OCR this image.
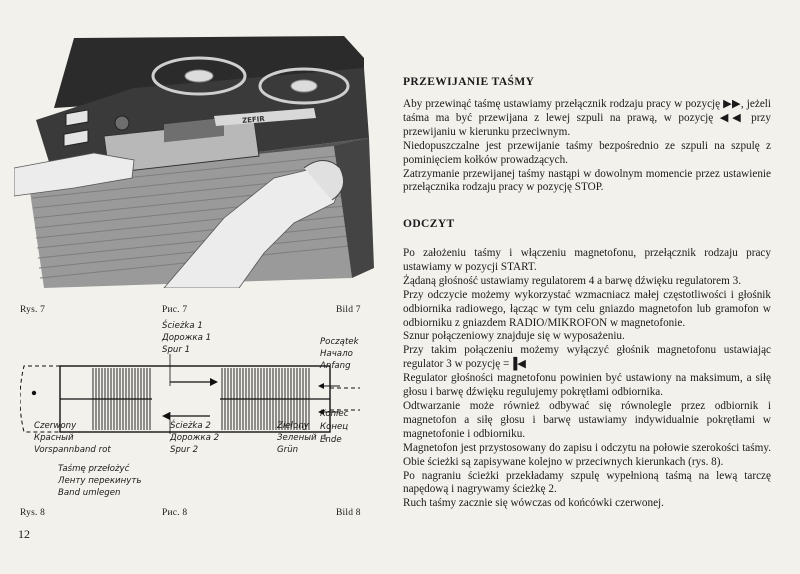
ZEFIR
Rys. 7	Рис. 7	Bild 7
Ścieżka 1
Дорожка 1
Spur 1
Początek
Начало
Anfang
Koniec
Конец
Ende
Ścieżka 2
Дорожка 2
Spur 2
Zielony
Зеленый
Grün
Czerwony
Красный
Vorspannband rot
Taśmę przełożyć
Ленту перекинуть
Band umlegen
Rys. 8	Рис. 8	Bild 8
12
PRZEWIJANIE TAŚMY

Aby przewinąć taśmę ustawiamy przełącznik rodzaju pracy w pozycję ▶▶, jeżeli taśma ma być przewijana z lewej szpuli na prawą, w pozycję ◀◀ przy przewijaniu w kierunku przeciwnym.

Niedopuszczalne jest przewijanie taśmy bezpośrednio ze szpuli na szpulę z pominięciem kołków prowadzących.

Zatrzymanie przewijanej taśmy nastąpi w dowolnym momencie przez ustawienie przełącznika rodzaju pracy w pozycję STOP.

ODCZYT

Po założeniu taśmy i włączeniu magnetofonu, przełącznik rodzaju pracy ustawiamy w pozycji START.

Żądaną głośność ustawiamy regulatorem 4 a barwę dźwięku regulatorem 3.

Przy odczycie możemy wykorzystać wzmacniacz małej częstotliwości i głośnik odbiornika radiowego, łącząc w tym celu gniazdo magnetofon lub gramofon w odbiorniku z gniazdem RADIO/MIKROFON w magnetofonie.

Sznur połączeniowy znajduje się w wyposażeniu.

Przy takim połączeniu możemy wyłączyć głośnik magnetofonu ustawiając regulator 3 w pozycję =▐◀

Regulator głośności magnetofonu powinien być ustawiony na maksimum, a siłę głosu i barwę dźwięku regulujemy pokrętłami odbiornika.

Odtwarzanie może również odbywać się równolegle przez odbiornik i magnetofon a siłę głosu i barwę ustawiamy indywidualnie pokrętłami w magnetofonie i odbiorniku.

Magnetofon jest przystosowany do zapisu i odczytu na połowie szerokości taśmy. Obie ścieżki są zapisywane kolejno w przeciwnych kierunkach (rys. 8).

Po nagraniu ścieżki przekładamy szpulę wypełnioną taśmą na lewą tarczę napędową i nagrywamy ścieżkę 2.

Ruch taśmy zacznie się wówczas od końcówki czerwonej.
